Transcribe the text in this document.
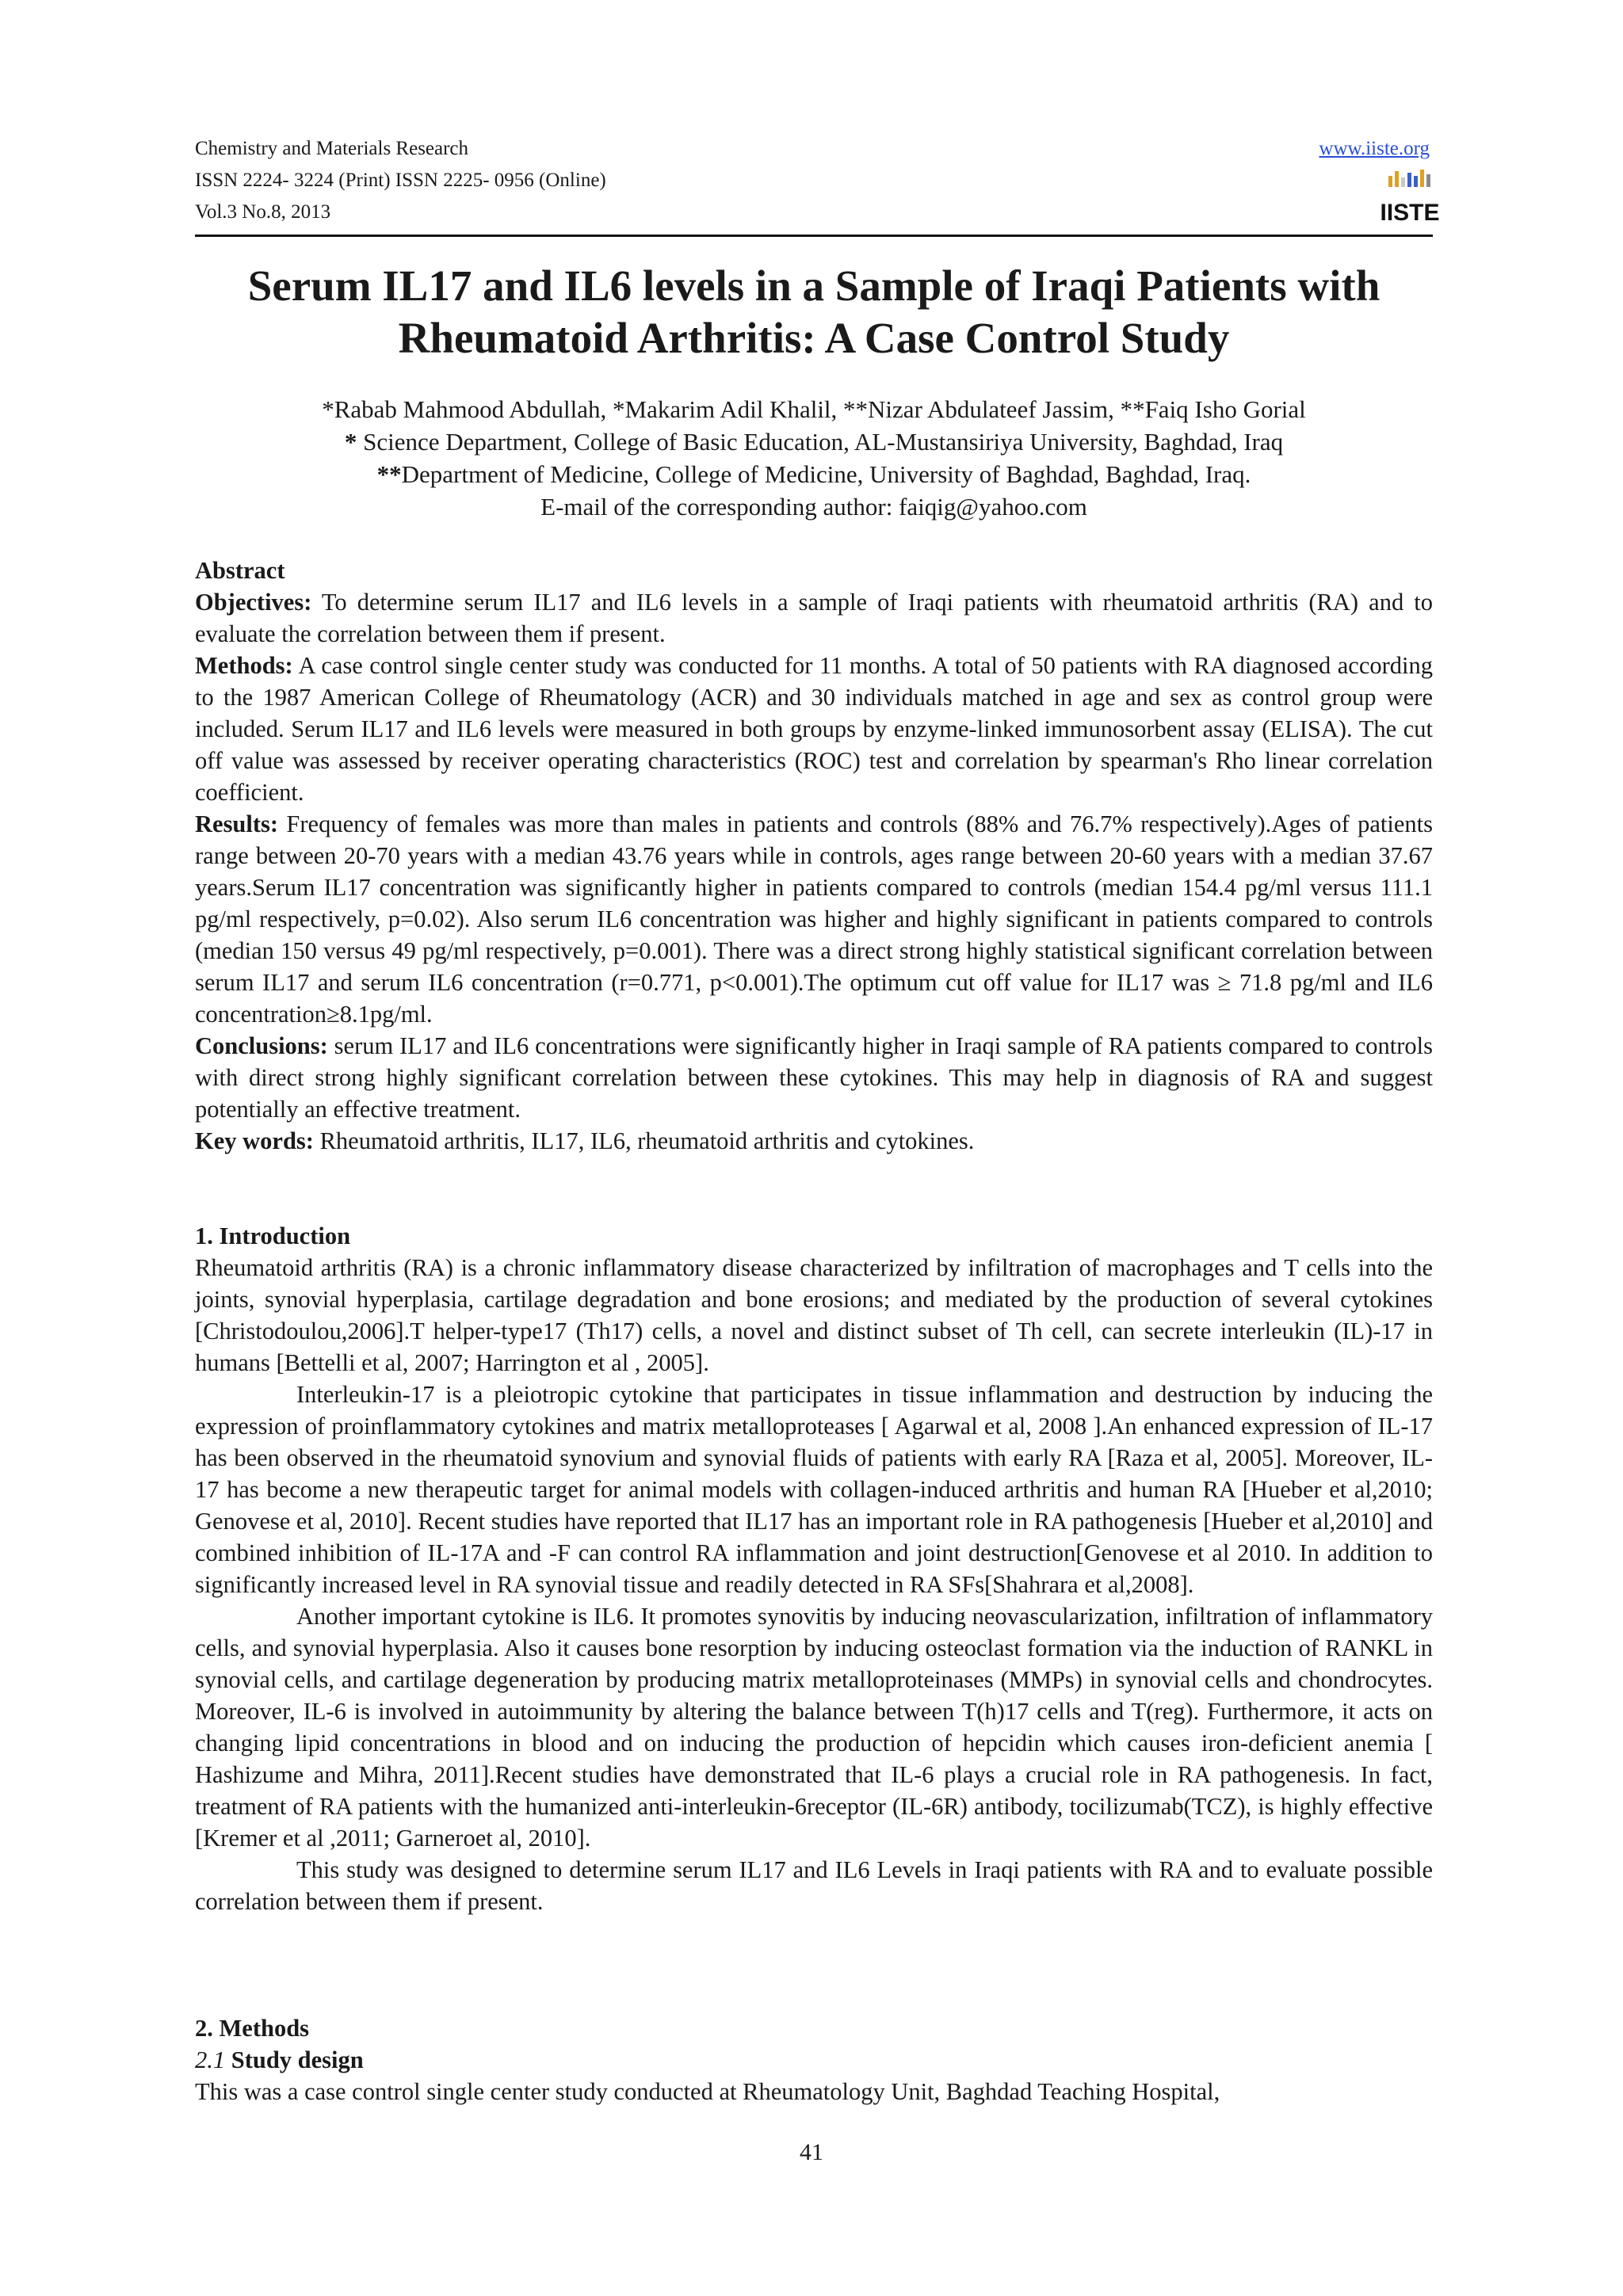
Chemistry and Materials Research
ISSN 2224- 3224 (Print) ISSN 2225- 0956 (Online)
Vol.3 No.8, 2013
www.iiste.org
IISTE
Serum IL17 and IL6 levels in a Sample of Iraqi Patients with
Rheumatoid Arthritis: A Case Control Study
*Rabab Mahmood Abdullah, *Makarim Adil Khalil, **Nizar Abdulateef Jassim, **Faiq Isho Gorial
* Science Department, College of Basic Education, AL-Mustansiriya University, Baghdad, Iraq
**Department of Medicine, College of Medicine, University of Baghdad, Baghdad, Iraq.
E-mail of the corresponding author: faiqig@yahoo.com

Abstract

Objectives: To determine serum IL17 and IL6 levels in a sample of Iraqi patients with rheumatoid arthritis (RA) and to evaluate the correlation between them if present.

Methods: A case control single center study was conducted for 11 months. A total of 50 patients with RA diagnosed according to the 1987 American College of Rheumatology (ACR) and 30 individuals matched in age and sex as control group were included. Serum IL17 and IL6 levels were measured in both groups by enzyme-linked immunosorbent assay (ELISA). The cut off value was assessed by receiver operating characteristics (ROC) test and correlation by spearman's Rho linear correlation coefficient.

Results: Frequency of females was more than males in patients and controls (88% and 76.7% respectively).Ages of patients range between 20-70 years with a median 43.76 years while in controls, ages range between 20-60 years with a median 37.67 years.Serum IL17 concentration was significantly higher in patients compared to controls (median 154.4 pg/ml versus 111.1 pg/ml respectively, p=0.02). Also serum IL6 concentration was higher and highly significant in patients compared to controls (median 150 versus 49 pg/ml respectively, p=0.001). There was a direct strong highly statistical significant correlation between serum IL17 and serum IL6 concentration (r=0.771, p<0.001).The optimum cut off value for IL17 was ≥ 71.8 pg/ml and IL6 concentration≥8.1pg/ml.

Conclusions: serum IL17 and IL6 concentrations were significantly higher in Iraqi sample of RA patients compared to controls with direct strong highly significant correlation between these cytokines. This may help in diagnosis of RA and suggest potentially an effective treatment.

Key words: Rheumatoid arthritis, IL17, IL6, rheumatoid arthritis and cytokines.

1. Introduction

Rheumatoid arthritis (RA) is a chronic inflammatory disease characterized by infiltration of macrophages and T cells into the joints, synovial hyperplasia, cartilage degradation and bone erosions; and mediated by the production of several cytokines [Christodoulou,2006].T helper-type17 (Th17) cells, a novel and distinct subset of Th cell, can secrete interleukin (IL)-17 in humans [Bettelli et al, 2007; Harrington et al , 2005].

Interleukin-17 is a pleiotropic cytokine that participates in tissue inflammation and destruction by inducing the expression of proinflammatory cytokines and matrix metalloproteases [ Agarwal et al, 2008 ].An enhanced expression of IL-17 has been observed in the rheumatoid synovium and synovial fluids of patients with early RA [Raza et al, 2005]. Moreover, IL-17 has become a new therapeutic target for animal models with collagen-induced arthritis and human RA [Hueber et al,2010; Genovese et al, 2010]. Recent studies have reported that IL17 has an important role in RA pathogenesis [Hueber et al,2010] and combined inhibition of IL-17A and -F can control RA inflammation and joint destruction[Genovese et al 2010. In addition to significantly increased level in RA synovial tissue and readily detected in RA SFs[Shahrara et al,2008].

Another important cytokine is IL6. It promotes synovitis by inducing neovascularization, infiltration of inflammatory cells, and synovial hyperplasia. Also it causes bone resorption by inducing osteoclast formation via the induction of RANKL in synovial cells, and cartilage degeneration by producing matrix metalloproteinases (MMPs) in synovial cells and chondrocytes. Moreover, IL-6 is involved in autoimmunity by altering the balance between T(h)17 cells and T(reg). Furthermore, it acts on changing lipid concentrations in blood and on inducing the production of hepcidin which causes iron-deficient anemia [ Hashizume and Mihra, 2011].Recent studies have demonstrated that IL-6 plays a crucial role in RA pathogenesis. In fact, treatment of RA patients with the humanized anti-interleukin-6receptor (IL-6R) antibody, tocilizumab(TCZ), is highly effective [Kremer et al ,2011; Garneroet al, 2010].

This study was designed to determine serum IL17 and IL6 Levels in Iraqi patients with RA and to evaluate possible correlation between them if present.

2. Methods

2.1 Study design

This was a case control single center study conducted at Rheumatology Unit, Baghdad Teaching Hospital,

41
